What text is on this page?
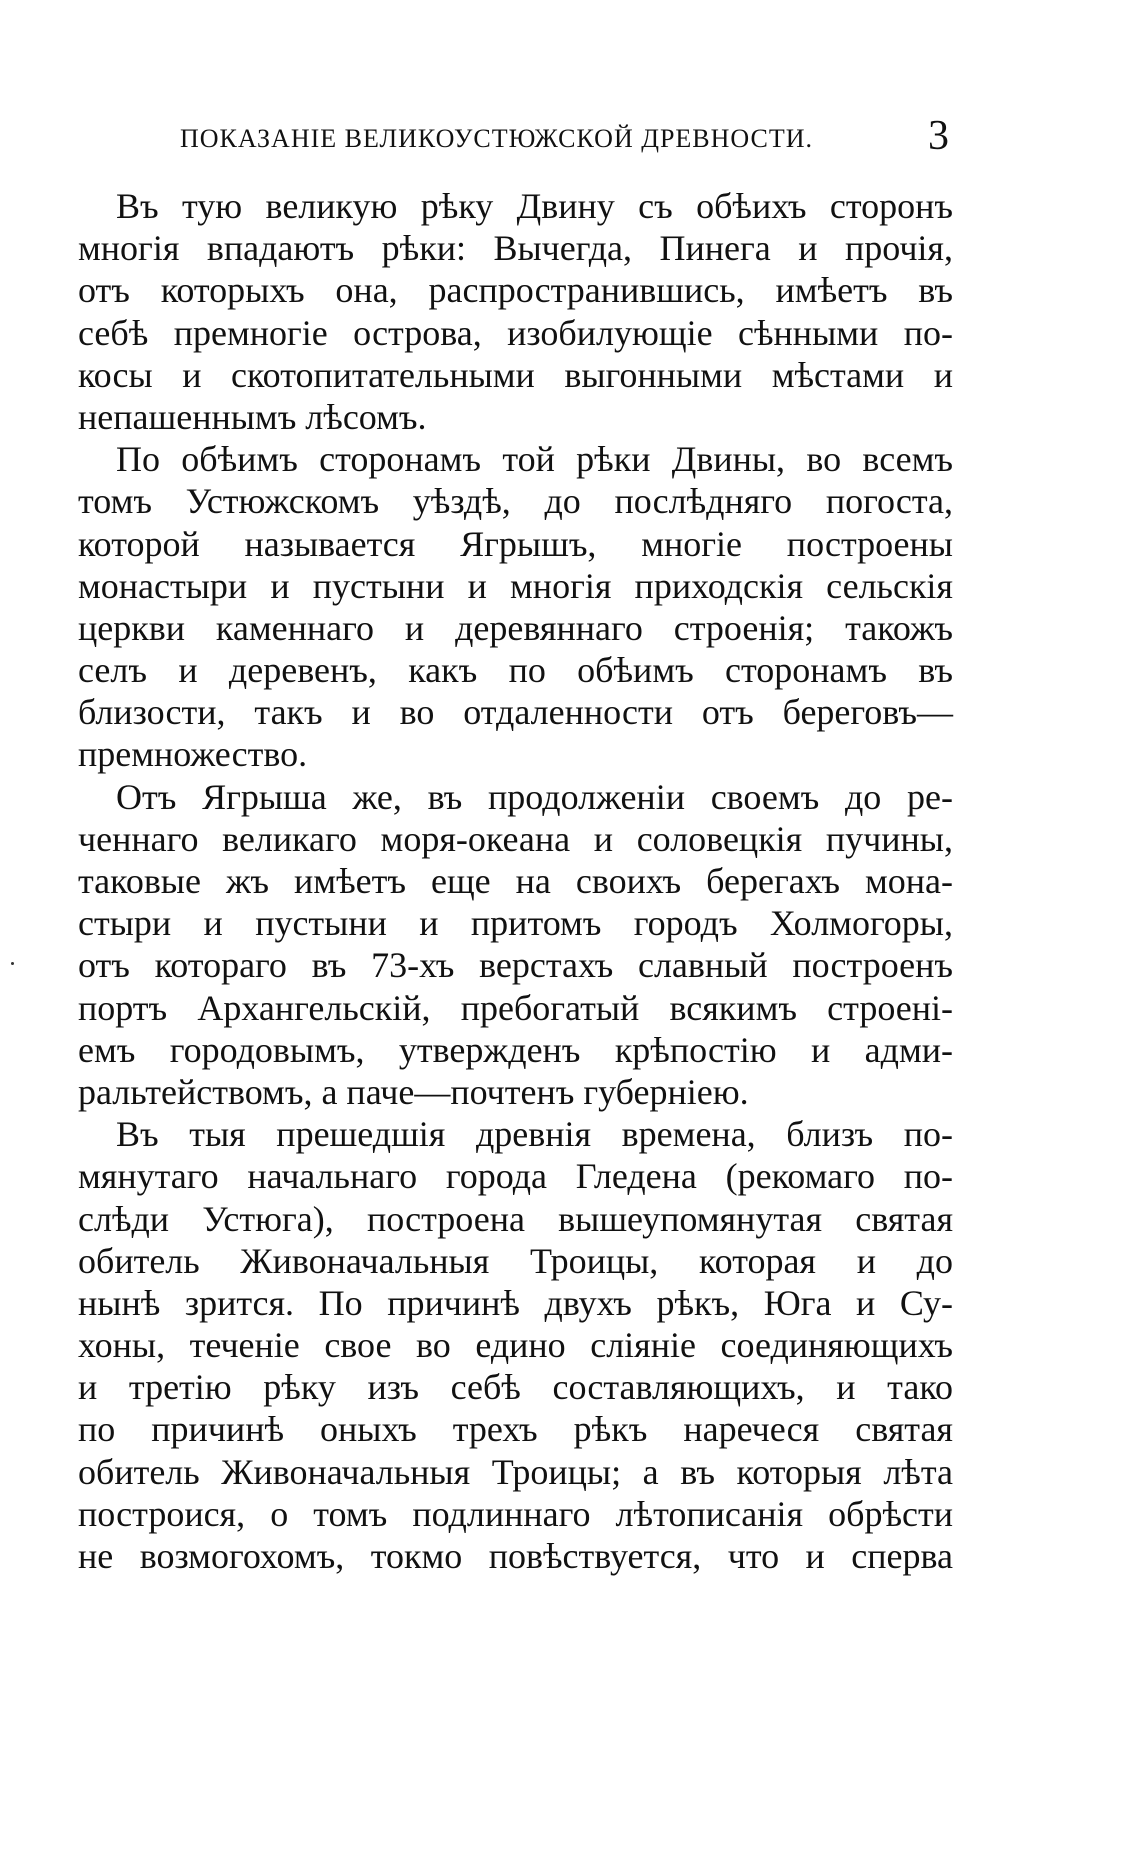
ПОКАЗАНІЕ ВЕЛИКОУСТЮЖСКОЙ ДРЕВНОСТИ.	3
Въ тую великую рѣку Двину съ обѣихъ сторонъ
многія впадаютъ рѣки: Вычегда, Пинега и прочія,
отъ которыхъ она, распространившись, имѣетъ въ
себѣ премногіе острова, изобилующіе сѣнными по-
косы и скотопитательными выгонными мѣстами и
непашеннымъ лѣсомъ.
По обѣимъ сторонамъ той рѣки Двины, во всемъ
томъ Устюжскомъ уѣздѣ, до послѣдняго погоста,
которой называется Ягрышъ, многіе построены
монастыри и пустыни и многія приходскія сельскія
церкви каменнаго и деревяннаго строенія; такожъ
селъ и деревенъ, какъ по обѣимъ сторонамъ въ
близости, такъ и во отдаленности отъ береговъ—
премножество.
Отъ Ягрыша же, въ продолженіи своемъ до ре-
ченнаго великаго моря-океана и соловецкія пучины,
таковые жъ имѣетъ еще на своихъ берегахъ мона-
стыри и пустыни и притомъ городъ Холмогоры,
отъ котораго въ 73-хъ верстахъ славный построенъ
портъ Архангельскій, пребогатый всякимъ строені-
емъ городовымъ, утвержденъ крѣпостію и адми-
ральтействомъ, а паче—почтенъ губерніею.
Въ тыя прешедшія древнія времена, близъ по-
мянутаго начальнаго города Гледена (рекомаго по-
слѣди Устюга), построена вышеупомянутая святая
обитель Живоначальныя Троицы, которая и до
нынѣ зрится. По причинѣ двухъ рѣкъ, Юга и Су-
хоны, теченіе свое во едино сліяніе соединяющихъ
и третію рѣку изъ себѣ составляющихъ, и тако
по причинѣ оныхъ трехъ рѣкъ наречеся святая
обитель Живоначальныя Троицы; а въ которыя лѣта
построися, о томъ подлиннаго лѣтописанія обрѣсти
не возмогохомъ, токмо повѣствуется, что и сперва
